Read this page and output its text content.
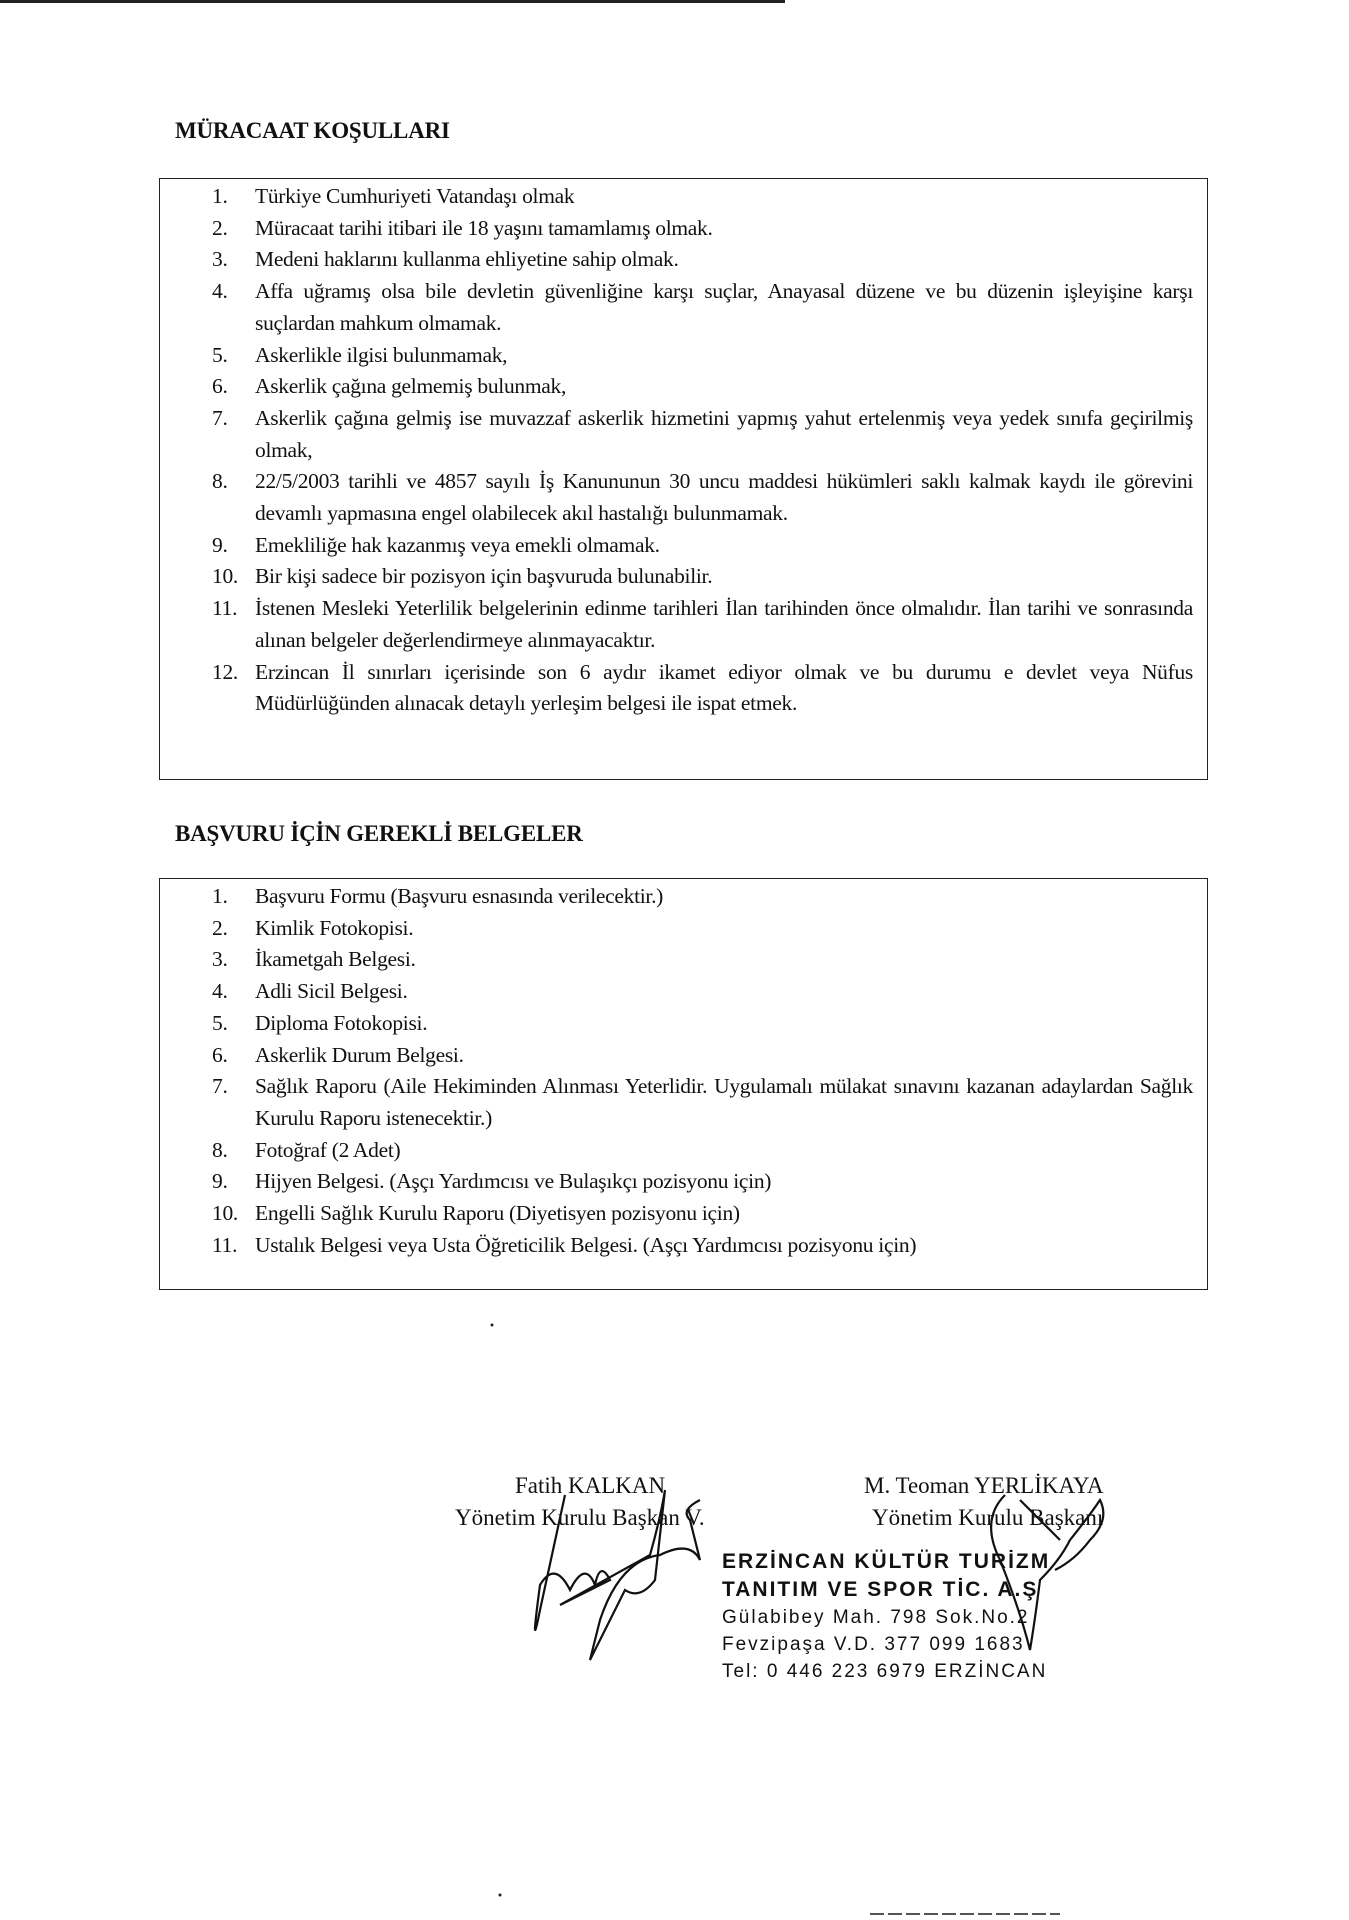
MÜRACAAT KOŞULLARI
1. Türkiye Cumhuriyeti Vatandaşı olmak
2. Müracaat tarihi itibari ile 18 yaşını tamamlamış olmak.
3. Medeni haklarını kullanma ehliyetine sahip olmak.
4. Affa uğramış olsa bile devletin güvenliğine karşı suçlar, Anayasal düzene ve bu düzenin işleyişine karşı suçlardan mahkum olmamak.
5. Askerlikle ilgisi bulunmamak,
6. Askerlik çağına gelmemiş bulunmak,
7. Askerlik çağına gelmiş ise muvazzaf askerlik hizmetini yapmış yahut ertelenmiş veya yedek sınıfa geçirilmiş olmak,
8. 22/5/2003 tarihli ve 4857 sayılı İş Kanununun 30 uncu maddesi hükümleri saklı kalmak kaydı ile görevini devamlı yapmasına engel olabilecek akıl hastalığı bulunmamak.
9. Emekliliğe hak kazanmış veya emekli olmamak.
10. Bir kişi sadece bir pozisyon için başvuruda bulunabilir.
11. İstenen Mesleki Yeterlilik belgelerinin edinme tarihleri İlan tarihinden önce olmalıdır. İlan tarihi ve sonrasında alınan belgeler değerlendirmeye alınmayacaktır.
12. Erzincan İl sınırları içerisinde son 6 aydır ikamet ediyor olmak ve bu durumu e devlet veya Nüfus Müdürlüğünden alınacak detaylı yerleşim belgesi ile ispat etmek.
BAŞVURU İÇİN GEREKLİ BELGELER
1. Başvuru Formu (Başvuru esnasında verilecektir.)
2. Kimlik Fotokopisi.
3. İkametgah Belgesi.
4. Adli Sicil Belgesi.
5. Diploma Fotokopisi.
6. Askerlik Durum Belgesi.
7. Sağlık Raporu (Aile Hekiminden Alınması Yeterlidir. Uygulamalı mülakat sınavını kazanan adaylardan Sağlık Kurulu Raporu istenecektir.)
8. Fotoğraf (2 Adet)
9. Hijyen Belgesi. (Aşçı Yardımcısı ve Bulaşıkçı pozisyonu için)
10. Engelli Sağlık Kurulu Raporu (Diyetisyen pozisyonu için)
11. Ustalık Belgesi veya Usta Öğreticilik Belgesi. (Aşçı Yardımcısı pozisyonu için)
Fatih KALKAN
Yönetim Kurulu Başkan V.
M. Teoman YERLİKAYA
Yönetim Kurulu Başkanı
ERZİNCAN KÜLTÜR TURİZM
TANITIM VE SPOR TİC. A.Ş
Gülabibey Mah. 798 Sok.No.2
Fevzipaşa V.D. 377 099 1683
Tel: 0 446 223 6979 ERZİNCAN
